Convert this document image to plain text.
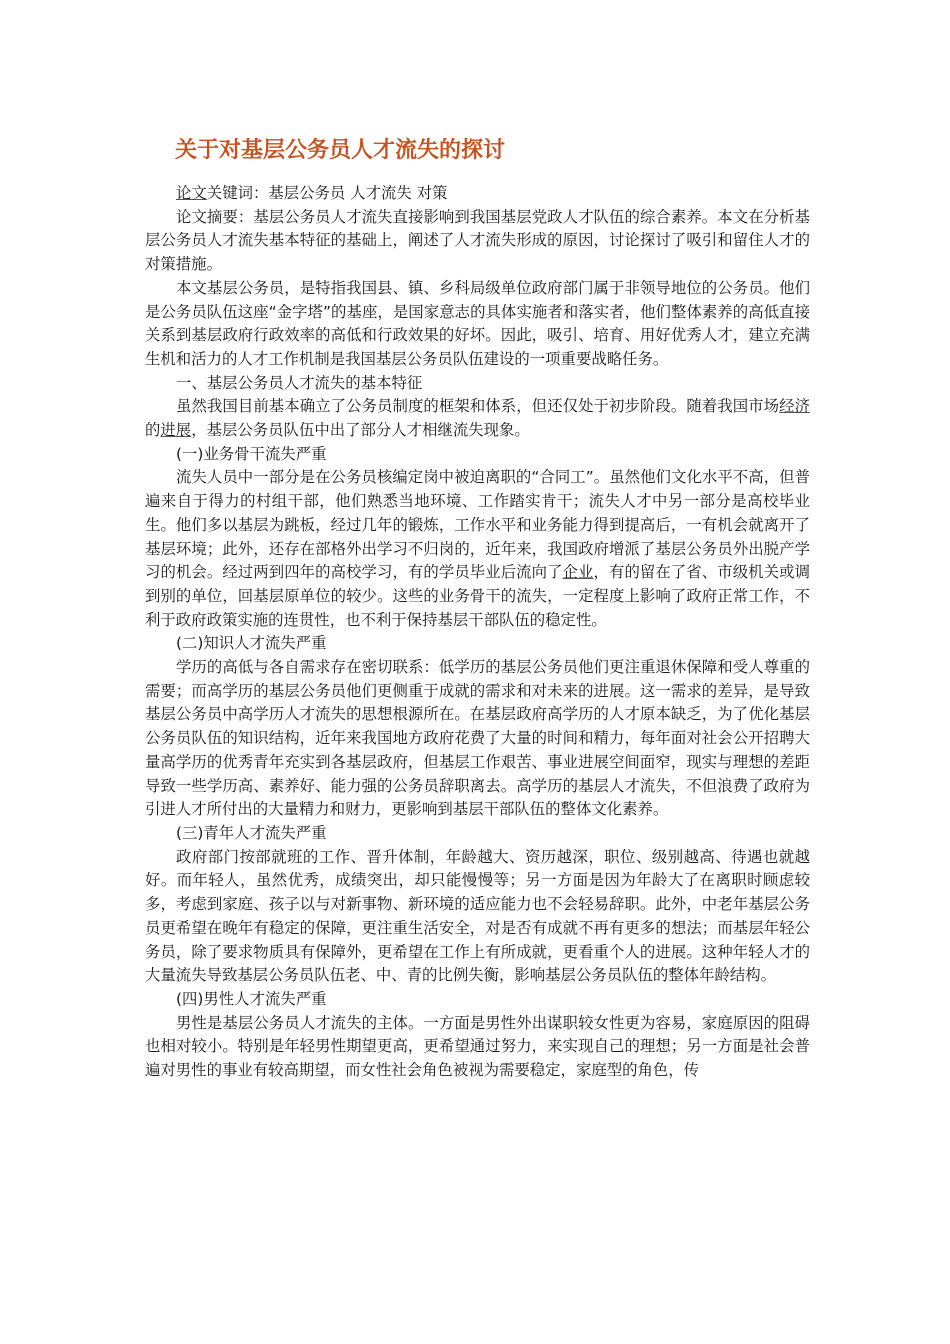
关于对基层公务员人才流失的探讨

论文关键词：基层公务员 人才流失 对策

论文摘要：基层公务员人才流失直接影响到我国基层党政人才队伍的综合素养。本文在分析基层公务员人才流失基本特征的基础上，阐述了人才流失形成的原因，讨论探讨了吸引和留住人才的对策措施。

本文基层公务员，是特指我国县、镇、乡科局级单位政府部门属于非领导地位的公务员。他们是公务员队伍这座“金字塔”的基座，是国家意志的具体实施者和落实者，他们整体素养的高低直接关系到基层政府行政效率的高低和行政效果的好坏。因此，吸引、培育、用好优秀人才，建立充满生机和活力的人才工作机制是我国基层公务员队伍建设的一项重要战略任务。

一、基层公务员人才流失的基本特征

虽然我国目前基本确立了公务员制度的框架和体系，但还仅处于初步阶段。随着我国市场经济的进展，基层公务员队伍中出了部分人才相继流失现象。

(一)业务骨干流失严重

流失人员中一部分是在公务员核编定岗中被迫离职的“合同工”。虽然他们文化水平不高，但普遍来自于得力的村组干部，他们熟悉当地环境、工作踏实肯干；流失人才中另一部分是高校毕业生。他们多以基层为跳板，经过几年的锻炼，工作水平和业务能力得到提高后，一有机会就离开了基层环境；此外，还存在部格外出学习不归岗的，近年来，我国政府增派了基层公务员外出脱产学习的机会。经过两到四年的高校学习，有的学员毕业后流向了企业，有的留在了省、市级机关或调到别的单位，回基层原单位的较少。这些的业务骨干的流失，一定程度上影响了政府正常工作，不利于政府政策实施的连贯性，也不利于保持基层干部队伍的稳定性。

(二)知识人才流失严重

学历的高低与各自需求存在密切联系：低学历的基层公务员他们更注重退休保障和受人尊重的需要；而高学历的基层公务员他们更侧重于成就的需求和对未来的进展。这一需求的差异，是导致基层公务员中高学历人才流失的思想根源所在。在基层政府高学历的人才原本缺乏，为了优化基层公务员队伍的知识结构，近年来我国地方政府花费了大量的时间和精力，每年面对社会公开招聘大量高学历的优秀青年充实到各基层政府，但基层工作艰苦、事业进展空间面窄，现实与理想的差距导致一些学历高、素养好、能力强的公务员辞职离去。高学历的基层人才流失，不但浪费了政府为引进人才所付出的大量精力和财力，更影响到基层干部队伍的整体文化素养。

(三)青年人才流失严重

政府部门按部就班的工作、晋升体制，年龄越大、资历越深，职位、级别越高、待遇也就越好。而年轻人，虽然优秀，成绩突出，却只能慢慢等；另一方面是因为年龄大了在离职时顾虑较多，考虑到家庭、孩子以与对新事物、新环境的适应能力也不会轻易辞职。此外，中老年基层公务员更希望在晚年有稳定的保障，更注重生活安全，对是否有成就不再有更多的想法；而基层年轻公务员，除了要求物质具有保障外，更希望在工作上有所成就，更看重个人的进展。这种年轻人才的大量流失导致基层公务员队伍老、中、青的比例失衡，影响基层公务员队伍的整体年龄结构。

(四)男性人才流失严重

男性是基层公务员人才流失的主体。一方面是男性外出谋职较女性更为容易，家庭原因的阻碍也相对较小。特别是年轻男性期望更高，更希望通过努力，来实现自己的理想；另一方面是社会普遍对男性的事业有较高期望，而女性社会角色被视为需要稳定，家庭型的角色，传
